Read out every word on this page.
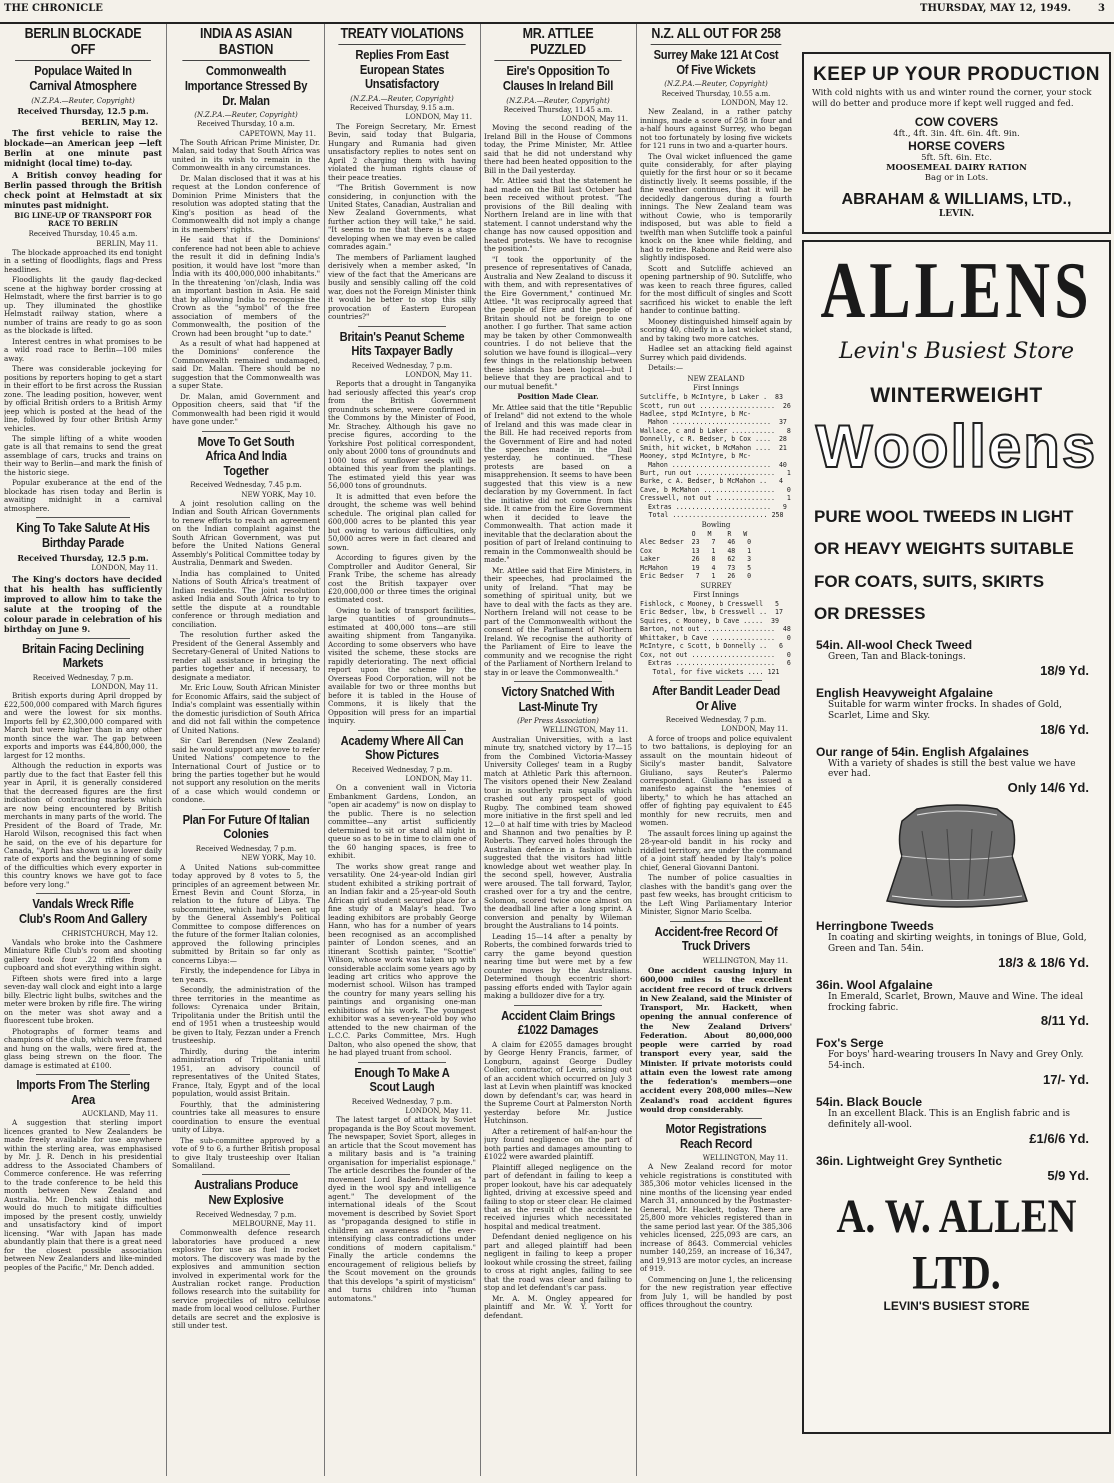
THE CHRONICLE	THURSDAY, MAY 12, 1949.	3
BERLIN BLOCKADE OFF
Populace Waited In Carnival Atmosphere
(N.Z.P.A.—Reuter, Copyright)
Received Thursday, 12.5 p.m.
BERLIN, May 12.

The first vehicle to raise the blockade—an American jeep —left Berlin at one minute past midnight (local time) to-day.

A British convoy heading for Berlin passed through the British check point at Helmstadt at six minutes past midnight.

BIG LINE-UP OF TRANSPORT FOR RACE TO BERLIN
Received Thursday, 10.45 a.m.
BERLIN, May 11.

The blockade approached its end tonight in a setting of floodlights, flags and Press headlines.

Floodlights lit the gaudy flag-decked scene at the highway border crossing at Helmstadt, where the first barrier is to go up. They illuminated the ghostlike Helmstadt railway station, where a number of trains are ready to go as soon as the blockade is lifted.

Interest centres in what promises to be a wild road race to Berlin—100 miles away.

There was considerable jockeying for positions by reporters hoping to get a start in their effort to be first across the Russian zone. The leading position, however, went by official British orders to a British Army jeep which is posted at the head of the line, followed by four other British Army vehicles.

The simple lifting of a white wooden gate is all that remains to send the great assemblage of cars, trucks and trains on their way to Berlin—and mark the finish of the historic siege.

Popular exuberance at the end of the blockade has risen today and Berlin is awaiting midnight in a carnival atmosphere.

King To Take Salute At His Birthday Parade
Received Thursday, 12.5 p.m.
LONDON, May 11.

The King's doctors have decided that his health has sufficiently improved to allow him to take the salute at the trooping of the colour parade in celebration of his birthday on June 9.

Britain Facing Declining Markets
Received Wednesday, 7 p.m.
LONDON, May 11.

British exports during April dropped by £22,500,000 compared with March figures and were the lowest for six months. Imports fell by £2,300,000 compared with March but were higher than in any other month since the war. The gap between exports and imports was £44,800,000, the largest for 12 months.

Although the reduction in exports was partly due to the fact that Easter fell this year in April, it is generally considered that the decreased figures are the first indication of contracting markets which are now being encountered by British merchants in many parts of the world. The President of the Board of Trade, Mr. Harold Wilson, recognised this fact when he said, on the eve of his departure for Canada, "April has shown us a lower daily rate of exports and the beginning of some of the difficulties which every exporter in this country knows we have got to face before very long."

Vandals Wreck Rifle Club's Room And Gallery
CHRISTCHURCH, May 12.

Vandals who broke into the Cashmere Miniature Rifle Club's room and shooting gallery took four .22 rifles from a cupboard and shot everything within sight.

Fifteen shots were fired into a large seven-day wall clock and eight into a large billy. Electric light bulbs, switches and the meter were broken by rifle fire. The wiring on the meter was shot away and a fluorescent tube broken.

Photographs of former teams and champions of the club, which were framed and hung on the walls, were fired at, the glass being strewn on the floor. The damage is estimated at £100.

Imports From The Sterling Area
AUCKLAND, May 11.

A suggestion that sterling import licences granted to New Zealanders be made freely available for use anywhere within the sterling area, was emphasised by Mr. J. R. Dench in his presidential address to the Associated Chambers of Commerce conference. He was referring to the trade conference to be held this month between New Zealand and Australia. Mr. Dench said this method would do much to mitigate difficulties imposed by the present costly, unwieldy and unsatisfactory kind of import licensing. "War with Japan has made abundantly plain that there is a great need for the closest possible association between New Zealanders and like-minded peoples of the Pacific," Mr. Dench added.

INDIA AS ASIAN BASTION
Commonwealth Importance Stressed By Dr. Malan
(N.Z.P.A.—Reuter, Copyright)
Received Thursday, 10 a.m.
CAPETOWN, May 11.

The South African Prime Minister, Dr. Malan, said today that South Africa was united in its wish to remain in the Commonwealth in any circumstances.

Dr. Malan disclosed that it was at his request at the London conference of Dominion Prime Ministers that the resolution was adopted stating that the King's position as head of the Commonwealth did not imply a change in its members' rights.

He said that if the Dominions' conference had not been able to achieve the result it did in defining India's position, it would have lost "more than India with its 400,000,000 inhabitants." In the threatening 'on'/clash, India was an important bastion in Asia. He said that by allowing India to recognise the Crown as the "symbol" of the free association of members of the Commonwealth, the position of the Crown had been brought "up to date."

As a result of what had happened at the Dominions' conference the Commonwealth remained undamaged, said Dr. Malan. There should be no suggestion that the Commonwealth was a super State.

Dr. Malan, amid Government and Opposition cheers, said that "if the Commonwealth had been rigid it would have gone under."

Move To Get South Africa And India Together
Received Wednesday, 7.45 p.m.
NEW YORK, May 10.

A joint resolution calling on the Indian and South African Governments to renew efforts to reach an agreement on the Indian complaint against the South African Government, was put before the United Nations General Assembly's Political Committee today by Australia, Denmark and Sweden.

India has complained to United Nations of South Africa's treatment of Indian residents. The joint resolution asked India and South Africa to try to settle the dispute at a roundtable conference or through mediation and conciliation.

The resolution further asked the President of the General Assembly and Secretary-General of United Nations to render all assistance in bringing the parties together and, if necessary, to designate a mediator.

Mr. Eric Louw, South African Minister for Economic Affairs, said the subject of India's complaint was essentially within the domestic jurisdiction of South Africa and did not fall within the competence of United Nations.

Sir Carl Berendsen (New Zealand) said he would support any move to refer United Nations' competence to the International Court of Justice or to bring the parties together but he would not support any resolution on the merits of a case which would condemn or condone.

Plan For Future Of Italian Colonies
Received Wednesday, 7 p.m.
NEW YORK, May 10.

A United Nations sub-committee today approved by 8 votes to 5, the principles of an agreement between Mr. Ernest Bevin and Count Sforza, in relation to the future of Libya. The subcommittee, which had been set up by the General Assembly's Political Committee to compose differences on the future of the former Italian colonies, approved the following principles submitted by Britain so far only as concerns Libya:—

Firstly, the independence for Libya in ten years.

Secondly, the administration of the three territories in the meantime as follows: Cyrenaica under Britain, Tripolitania under the British until the end of 1951 when a trusteeship would be given to Italy, Fezzan under a French trusteeship.

Thirdly, during the interim administration of Tripolitania until 1951, an advisory council of representatives of the United States, France, Italy, Egypt and of the local population, would assist Britain.

Fourthly, that the administering countries take all measures to ensure coordination to ensure the eventual unity of Libya.

The sub-committee approved by a vote of 9 to 6, a further British proposal to give Italy trusteeship over Italian Somaliland.

Australians Produce New Explosive
Received Wednesday, 7 p.m.
MELBOURNE, May 11.

Commonwealth defence research laboratories have produced a new explosive for use as fuel in rocket motors. The discovery was made by the explosives and ammunition section involved in experimental work for the Australian rocket range. Production follows research into the suitability for service projectiles of nitro cellulose made from local wood cellulose. Further details are secret and the explosive is still under test.

TREATY VIOLATIONS
Replies From East European States Unsatisfactory
(N.Z.P.A.—Reuter, Copyright)
Received Thursday, 9.15 a.m.
LONDON, May 11.

The Foreign Secretary, Mr. Ernest Bevin, said today that Bulgaria, Hungary and Rumania had given unsatisfactory replies to notes sent on April 2 charging them with having violated the human rights clause of their peace treaties.

"The British Government is now considering, in conjunction with the United States, Canadian, Australian and New Zealand Governments, what further action they will take," he said. "It seems to me that there is a stage developing when we may even be called comrades again."

The members of Parliament laughed derisively when a member asked, "In view of the fact that the Americans are busily and sensibly calling off the cold war, does not the Foreign Minister think it would be better to stop this silly provocation of Eastern European countries?"

Britain's Peanut Scheme Hits Taxpayer Badly
Received Wednesday, 7 p.m.
LONDON, May 11.

Reports that a drought in Tanganyika had seriously affected this year's crop from the British Government groundnuts scheme, were confirmed in the Commons by the Minister of Food, Mr. Strachey. Although his gave no precise figures, according to the Yorkshire Post political correspondent, only about 2000 tons of groundnuts and 1000 tons of sunflower seeds will be obtained this year from the plantings. The estimated yield this year was 56,000 tons of groundnuts.

It is admitted that even before the drought, the scheme was well behind schedule. The original plan called for 600,000 acres to be planted this year but owing to various difficulties, only 50,000 acres were in fact cleared and sown.

According to figures given by the Comptroller and Auditor General, Sir Frank Tribe, the scheme has already cost the British taxpayer over £20,000,000 or three times the original estimated cost.

Owing to lack of transport facilities, large quantities of groundnuts—estimated at 400,000 tons—are still awaiting shipment from Tanganyika. According to some observers who have visited the scheme, these stocks are rapidly deteriorating. The next official report upon the scheme by the Overseas Food Corporation, will not be available for two or three months but before it is tabled in the House of Commons, it is likely that the Opposition will press for an impartial inquiry.

Academy Where All Can Show Pictures
Received Wednesday, 7 p.m.
LONDON, May 11.

On a convenient wall in Victoria Embankment Gardens, London, an "open air academy" is now on display to the public. There is no selection committee—any artist sufficiently determined to sit or stand all night in queue so as to be in time to claim one of the 60 hanging spaces, is free to exhibit.

The works show great range and versatility. One 24-year-old Indian girl student exhibited a striking portrait of an Indian fakir and a 25-year-old South African girl student secured place for a fine study of a Malay's head. Two leading exhibitors are probably George Hann, who has for a number of years been recognised as an accomplished painter of London scenes, and an itinerant Scottish painter, "Scottie" Wilson, whose work was taken up with considerable acclaim some years ago by leading art critics who approve the modernist school. Wilson has tramped the country for many years selling his paintings and organising one-man exhibitions of his work. The youngest exhibitor was a seven-year-old boy who attended to the new chairman of the L.C.C. Parks Committee, Mrs. Hugh Dalton, who also opened the show, that he had played truant from school.

Enough To Make A Scout Laugh
Received Wednesday, 7 p.m.
LONDON, May 11.

The latest target of attack by Soviet propaganda is the Boy Scout movement. The newspaper, Soviet Sport, alleges in an article that the Scout movement has a military basis and is "a training organisation for imperialist espionage." The article describes the founder of the movement Lord Baden-Powell as "a dyed in the wool spy and intelligence agent." The development of the international ideals of the Scout movement is described by Soviet Sport as "propaganda designed to stifle in children an awareness of the ever-intensifying class contradictions under conditions of modern capitalism." Finally the article condemns the encouragement of religious beliefs by the Scout movement on the grounds that this develops "a spirit of mysticism" and turns children into "human automatons."

MR. ATTLEE PUZZLED
Eire's Opposition To Clauses In Ireland Bill
(N.Z.P.A.—Reuter, Copyright)
Received Thursday, 11.45 a.m.
LONDON, May 11.

Moving the second reading of the Ireland Bill in the House of Commons today, the Prime Minister, Mr. Attlee said that he did not understand why there had been heated opposition to the Bill in the Dail yesterday.

Mr. Attlee said that the statement he had made on the Bill last October had been received without protest. "The provisions of the Bill dealing with Northern Ireland are in line with that statement. I cannot understand why the change has now caused opposition and heated protests. We have to recognise the position."

"I took the opportunity of the presence of representatives of Canada, Australia and New Zealand to discuss it with them, and with representatives of the Eire Government," continued Mr. Attlee. "It was reciprocally agreed that the people of Eire and the people of Britain should not be foreign to one another. I go further. That same action may be taken by other Commonwealth countries. I do not believe that the solution we have found is illogical—very few things in the relationship between these islands has been logical—but I believe that they are practical and to our mutual benefit."

Position Made Clear.

Mr. Attlee said that the title "Republic of Ireland" did not extend to the whole of Ireland and this was made clear in the Bill. He had received reports from the Government of Eire and had noted the speeches made in the Dail yesterday, he continued. "These protests are based on a misapprehension. It seems to have been suggested that this view is a new declaration by my Government. In fact the initiative did not come from this side. It came from the Eire Government when it decided to leave the Commonwealth. That action made it inevitable that the declaration about the position of part of Ireland continuing to remain in the Commonwealth should be made."

Mr. Attlee said that Eire Ministers, in their speeches, had proclaimed the unity of Ireland. "That may be something of spiritual unity, but we have to deal with the facts as they are. Northern Ireland will not cease to be part of the Commonwealth without the consent of the Parliament of Northern Ireland. We recognise the authority of the Parliament of Eire to leave the community and we recognise the right of the Parliament of Northern Ireland to stay in or leave the Commonwealth."

Victory Snatched With Last-Minute Try
(Per Press Association)
WELLINGTON, May 11.

Australian Universities, with a last minute try, snatched victory by 17—15 from the Combined Victoria-Massey University Colleges' team in a Rugby match at Athletic Park this afternoon. The visitors opened their New Zealand tour in southerly rain squalls which crashed out any prospect of good Rugby. The combined team showed more initiative in the first spell and led 12—0 at half time with tries by Macleod and Shannon and two penalties by P. Roberts. They carved holes through the Australian defence in a fashion which suggested that the visitors had little knowledge about wet weather play. In the second spell, however, Australia were aroused. The tall forward, Taylor, crashed over for a try and the centre, Solomon, scored twice once almost on the deadball line after a long sprint. A conversion and penalty by Wileman brought the Australians to 14 points.

Leading 15—14 after a penalty by Roberts, the combined forwards tried to carry the game beyond question nearing time but were met by a few counter moves by the Australians. Determined though eccentric short-passing efforts ended with Taylor again making a bulldozer dive for a try.

Accident Claim Brings £1022 Damages

A claim for £2055 damages brought by George Henry Francis, farmer, of Longburn, against George Dudley Collier, contractor, of Levin, arising out of an accident which occurred on July 3 last at Levin when plaintiff was knocked down by defendant's car, was heard in the Supreme Court at Palmerston North yesterday before Mr. Justice Hutchinson.

After a retirement of half-an-hour the jury found negligence on the part of both parties and damages amounting to £1022 were awarded plaintiff.

Plaintiff alleged negligence on the part of defendant in failing to keep a proper lookout, have his car adequately lighted, driving at excessive speed and failing to stop or steer clear. He claimed that as the result of the accident he received injuries which necessitated hospital and medical treatment.

Defendant denied negligence on his part and alleged plaintiff had been negligent in failing to keep a proper lookout while crossing the street, failing to cross at right angles, failing to see that the road was clear and failing to stop and let defendant's car pass.

Mr. A. M. Ongley appeared for plaintiff and Mr. W. Y. Yortt for defendant.

N.Z. ALL OUT FOR 258
Surrey Make 121 At Cost Of Five Wickets
(N.Z.P.A.—Reuter, Copyright)
Received Thursday, 10.55 a.m.
LONDON, May 12.

New Zealand, in a rather patchy innings, made a score of 258 in four and a-half hours against Surrey, who began not too fortunately by losing five wickets for 121 runs in two and a-quarter hours.

The Oval wicket influenced the game quite considerably, for after playing quietly for the first hour or so it became distinctly lively. It seems possible, if the fine weather continues, that it will be decidedly dangerous during a fourth innings. The New Zealand team was without Cowie, who is temporarily indisposed, but was able to field a twelfth man when Sutcliffe took a painful knock on the knee while fielding, and had to retire. Rabone and Reid were also slightly indisposed.

Scott and Sutcliffe achieved an opening partnership of 90. Sutcliffe, who was keen to reach three figures, called for the most difficult of singles and Scott sacrificed his wicket to enable the left hander to continue batting.

Mooney distinguished himself again by scoring 40, chiefly in a last wicket stand, and by taking two more catches.

Hadlee set an attacking field against Surrey which paid dividends.

Details:—

NEW ZEALAND
First Innings
Sutcliffe, b McIntyre, b Laker .  83
Scott, run out ...................  26
Hadlee, stpd McIntyre, b Mc-
Mahon .........................  37
Wallace, c and b Laker ...........   8
Donnelly, c R. Bedser, b Cox ....  28
Smith, hit wicket, b McMahon ....  21
Mooney, stpd McIntyre, b Mc-
Mahon .........................  40
Burt, run out ....................   1
Burke, c A. Bedser, b McMahon ..   4
Cave, b McMahon ..................   0
Cresswell, not out ...............   1
Extras ........................   9
Total ........................ 258
Bowling
O   M    R   W
Alec Bedser  23   7   46   0
Cox          13   1   48   1
Laker        26   8   62   3
McMahon      19   4   73   5
Eric Bedser   7   1   26   0
SURREY
First Innings
Fishlock, c Mooney, b Cresswell   5
Eric Bedser, lbw, b Cresswell ..  17
Squires, c Mooney, b Cave .....  39
Barton, not out ..................  48
Whittaker, b Cave ................   0
McIntyre, c Scott, b Donnelly ..   6
Cox, not out .....................   0
Extras .........................   6
Total, for five wickets .... 121
After Bandit Leader Dead Or Alive
Received Wednesday, 7 p.m.
LONDON, May 11.

A force of troops and police equivalent to two battalions, is deploying for an assault on the mountain hideout of Sicily's master bandit, Salvatore Giuliano, says Reuter's Palermo correspondent. Giuliano has issued a manifesto against the "enemies of liberty," to which he has attached an offer of fighting pay equivalent to £45 monthly for new recruits, men and women.

The assault forces lining up against the 28-year-old bandit in his rocky and riddled territory, are under the command of a joint staff headed by Italy's police chief, General Giovanni Dantoni.

The number of police casualties in clashes with the bandit's gang over the past few weeks, has brought criticism to the Left Wing Parliamentary Interior Minister, Signor Mario Scelba.

Accident-free Record Of Truck Drivers
WELLINGTON, May 11.

One accident causing injury in 600,000 miles is the excellent accident free record of truck drivers in New Zealand, said the Minister of Transport, Mr. Hackett, when opening the annual conference of the New Zealand Drivers' Federation. About 80,000,000 people were carried by road transport every year, said the Minister. If private motorists could attain even the lowest rate among the federation's members—one accident every 208,000 miles—New Zealand's road accident figures would drop considerably.

Motor Registrations Reach Record
WELLINGTON, May 11.

A New Zealand record for motor vehicle registrations is constituted with 385,306 motor vehicles licensed in the nine months of the licensing year ended March 31, announced by the Postmaster-General, Mr. Hackett, today. There are 25,800 more vehicles registered than in the same period last year. Of the 385,306 vehicles licensed, 225,093 are cars, an increase of 8643. Commercial vehicles number 140,259, an increase of 16,347, and 19,913 are motor cycles, an increase of 919.

Commencing on June 1, the relicensing for the new registration year effective from July 1, will be handled by post offices throughout the country.

KEEP UP YOUR PRODUCTION
With cold nights with us and winter round the corner, your stock will do better and produce more if kept well rugged and fed.
COW COVERS
4ft., 4ft. 3in. 4ft. 6in. 4ft. 9in.
HORSE COVERS
5ft. 5ft. 6in. Etc.
MOOSEMEAL DAIRY RATION
Bag or in Lots.
ABRAHAM & WILLIAMS, LTD.,
LEVIN.
ALLENS
Levin's Busiest Store
WINTERWEIGHT
Woollens
PURE WOOL TWEEDS IN LIGHT
OR HEAVY WEIGHTS SUITABLE
FOR COATS, SUITS, SKIRTS
OR DRESSES
54in. All-wool Check Tweed
Green, Tan and Black-tonings.
18/9 Yd.
English Heavyweight Afgalaine
Suitable for warm winter frocks. In shades of Gold, Scarlet, Lime and Sky.
18/6 Yd.
Our range of 54in. English Afgalaines
With a variety of shades is still the best value we have ever had.
Only 14/6 Yd.
Herringbone Tweeds
In coating and skirting weights, in tonings of Blue, Gold, Green and Tan. 54in.
18/3 & 18/6 Yd.
36in. Wool Afgalaine
In Emerald, Scarlet, Brown, Mauve and Wine. The ideal frocking fabric.
8/11 Yd.
Fox's Serge
For boys' hard-wearing trousers In Navy and Grey Only. 54-inch.
17/- Yd.
54in. Black Boucle
In an excellent Black. This is an English fabric and is definitely all-wool.
£1/6/6 Yd.
36in. Lightweight Grey Synthetic
5/9 Yd.
A. W. ALLEN LTD.
LEVIN'S BUSIEST STORE
